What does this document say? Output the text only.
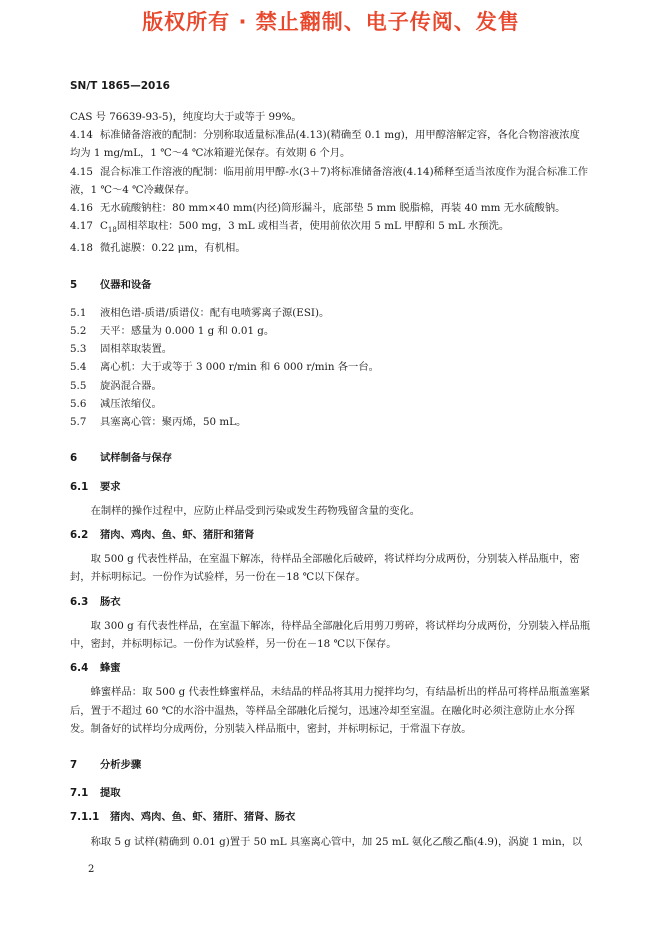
版权所有 · 禁止翻制、电子传阅、发售
SN/T 1865—2016

CAS 号 76639-93-5)，纯度均大于或等于 99%。

4.14 标准储备溶液的配制：分别称取适量标准品(4.13)(精确至 0.1 mg)，用甲醇溶解定容，各化合物溶液浓度均为 1 mg/mL，1 ℃～4 ℃冰箱避光保存。有效期 6 个月。

4.15 混合标准工作溶液的配制：临用前用甲醇-水(3＋7)将标准储备溶液(4.14)稀释至适当浓度作为混合标准工作液，1 ℃～4 ℃冷藏保存。

4.16 无水硫酸钠柱：80 mm×40 mm(内径)筒形漏斗，底部垫 5 mm 脱脂棉，再装 40 mm 无水硫酸钠。

4.17 $C_{18}$固相萃取柱：500 mg，3 mL 或相当者，使用前依次用 5 mL 甲醇和 5 mL 水预洗。

4.18 微孔滤膜：0.22 μm，有机相。

5 仪器和设备

5.1 液相色谱-质谱/质谱仪：配有电喷雾离子源(ESI)。

5.2 天平：感量为 0.000 1 g 和 0.01 g。

5.3 固相萃取装置。

5.4 离心机：大于或等于 3 000 r/min 和 6 000 r/min 各一台。

5.5 旋涡混合器。

5.6 减压浓缩仪。

5.7 具塞离心管：聚丙烯，50 mL。

6 试样制备与保存

6.1 要求

在制样的操作过程中，应防止样品受到污染或发生药物残留含量的变化。

6.2 猪肉、鸡肉、鱼、虾、猪肝和猪肾

取 500 g 代表性样品，在室温下解冻，待样品全部融化后破碎，将试样均分成两份，分别装入样品瓶中，密封，并标明标记。一份作为试验样，另一份在－18 ℃以下保存。

6.3 肠衣

取 300 g 有代表性样品，在室温下解冻，待样品全部融化后用剪刀剪碎，将试样均分成两份，分别装入样品瓶中，密封，并标明标记。一份作为试验样，另一份在－18 ℃以下保存。

6.4 蜂蜜

蜂蜜样品：取 500 g 代表性蜂蜜样品，未结晶的样品将其用力搅拌均匀，有结晶析出的样品可将样品瓶盖塞紧后，置于不超过 60 ℃的水浴中温热，等样品全部融化后搅匀，迅速冷却至室温。在融化时必须注意防止水分挥发。制备好的试样均分成两份，分别装入样品瓶中，密封，并标明标记，于常温下存放。

7 分析步骤

7.1 提取

7.1.1 猪肉、鸡肉、鱼、虾、猪肝、猪肾、肠衣

称取 5 g 试样(精确到 0.01 g)置于 50 mL 具塞离心管中，加 25 mL 氨化乙酸乙酯(4.9)，涡旋 1 min，以

2
